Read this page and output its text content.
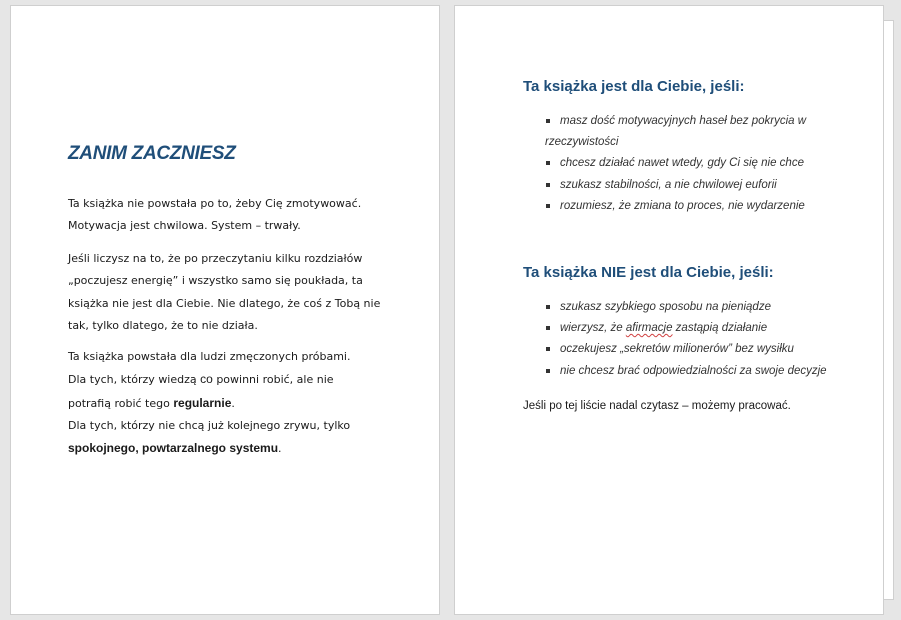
ZANIM ZACZNIESZ

Ta książka nie powstała po to, żeby Cię zmotywować.
Motywacja jest chwilowa. System – trwały.

Jeśli liczysz na to, że po przeczytaniu kilku rozdziałów
„poczujesz energię” i wszystko samo się poukłada, ta
książka nie jest dla Ciebie. Nie dlatego, że coś z Tobą nie
tak, tylko dlatego, że to nie działa.

Ta książka powstała dla ludzi zmęczonych próbami.
Dla tych, którzy wiedzą co powinni robić, ale nie
potrafią robić tego regularnie.
Dla tych, którzy nie chcą już kolejnego zrywu, tylko
spokojnego, powtarzalnego systemu.

Ta książka jest dla Ciebie, jeśli:
masz dość motywacyjnych haseł bez pokrycia w
rzeczywistości
chcesz działać nawet wtedy, gdy Ci się nie chce
szukasz stabilności, a nie chwilowej euforii
rozumiesz, że zmiana to proces, nie wydarzenie
Ta książka NIE jest dla Ciebie, jeśli:
szukasz szybkiego sposobu na pieniądze
wierzysz, że afirmacje zastąpią działanie
oczekujesz „sekretów milionerów” bez wysiłku
nie chcesz brać odpowiedzialności za swoje decyzje

Jeśli po tej liście nadal czytasz – możemy pracować.
